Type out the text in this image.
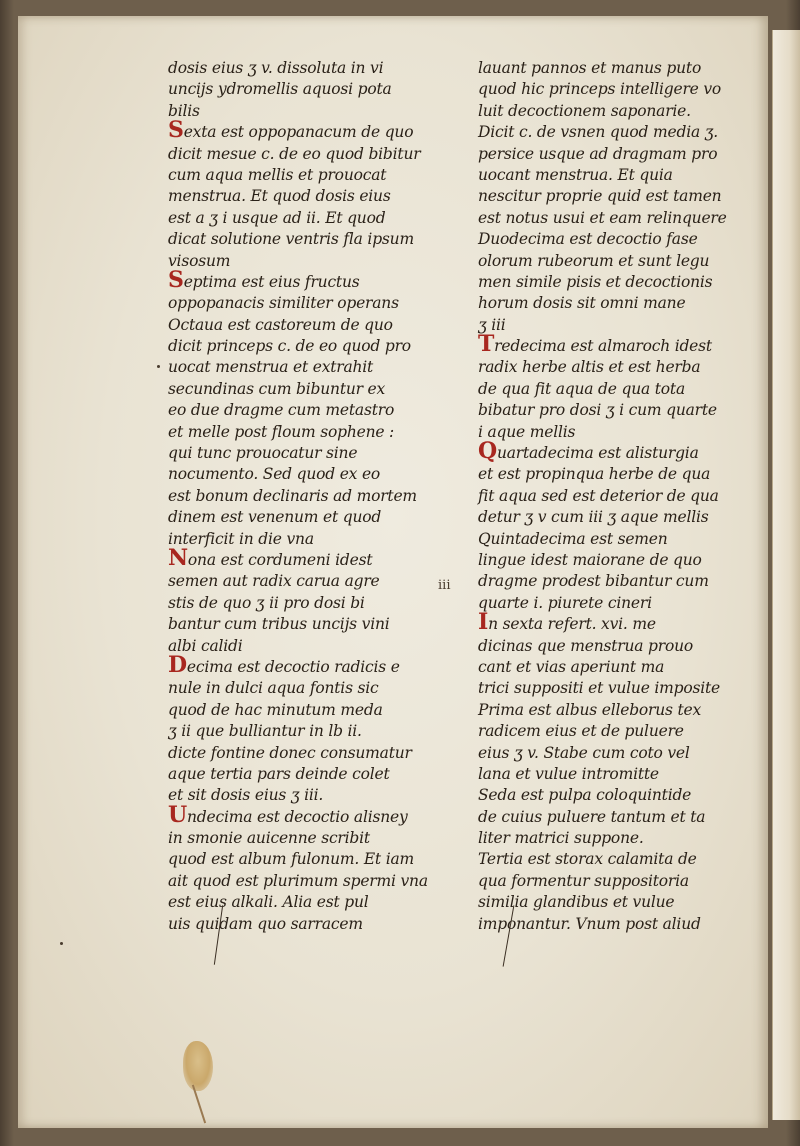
dosis eius ʒ v. dissoluta in vi
uncijs ydromellis aquosi pota
bilis
Sexta est oppopanacum de quo
dicit mesue c. de eo quod bibitur
cum aqua mellis et prouocat
menstrua. Et quod dosis eius
est a ʒ i usque ad ii. Et quod
dicat solutione ventris fla ipsum
visosum
Septima est eius fructus
oppopanacis similiter operans
Octaua est castoreum de quo
dicit princeps c. de eo quod pro
uocat menstrua et extrahit
secundinas cum bibuntur ex
eo due dragme cum metastro
et melle post floum sophene :
qui tunc prouocatur sine
nocumento. Sed quod ex eo
est bonum declinaris ad mortem
dinem est venenum et quod
interficit in die vna
Nona est cordumeni idest
semen aut radix carua agre
stis de quo ʒ ii pro dosi bi
bantur cum tribus uncijs vini
albi calidi
Decima est decoctio radicis e
nule in dulci aqua fontis sic
quod de hac minutum meda
ʒ ii que bulliantur in lb ii.
dicte fontine donec consumatur
aque tertia pars deinde colet
et sit dosis eius ʒ iii.
Undecima est decoctio alisney
in smonie auicenne scribit
quod est album fulonum. Et iam
ait quod est plurimum spermi vna
est eius alkali. Alia est pul
uis quidam quo sarracem
lauant pannos et manus puto
quod hic princeps intelligere vo
luit decoctionem saponarie.
Dicit c. de vsnen quod media ʒ.
persice usque ad dragmam pro
uocant menstrua. Et quia
nescitur proprie quid est tamen
est notus usui et eam relinquere
Duodecima est decoctio fase
olorum rubeorum et sunt legu
men simile pisis et decoctionis
horum dosis sit omni mane
ʒ iii
Tredecima est almaroch idest
radix herbe altis et est herba
de qua fit aqua de qua tota
bibatur pro dosi ʒ i cum quarte
i aque mellis
Quartadecima est alisturgia
et est propinqua herbe de qua
fit aqua sed est deterior de qua
detur ʒ v cum iii ʒ aque mellis
Quintadecima est semen
lingue idest maiorane de quo
dragme prodest bibantur cum
quarte i. piurete cineri
In sexta refert. xvi. me
dicinas que menstrua prouo
cant et vias aperiunt ma
trici suppositi et vulue imposite
Prima est albus elleborus tex
radicem eius et de puluere
eius ʒ v. Stabe cum coto vel
lana et vulue intromitte
Seda est pulpa coloquintide
de cuius puluere tantum et ta
liter matrici suppone.
Tertia est storax calamita de
qua formentur suppositoria
similia glandibus et vulue
imponantur. Vnum post aliud
iii
